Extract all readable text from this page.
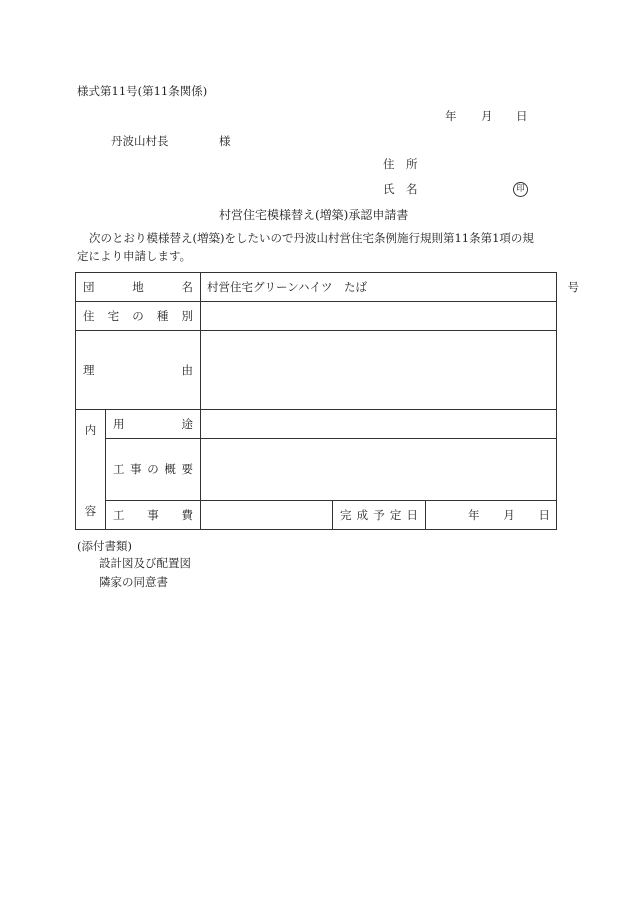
様式第11号(第11条関係)
年 月 日
丹波山村長	様
住　所
氏　名	印
村営住宅模様替え(増築)承認申請書
次のとおり模様替え(増築)をしたいので丹波山村営住宅条例施行規則第11条第1項の規
定により申請します。
団 地 名		村営住宅グリーンハイツ　たば 号		

住 宅 の 種 別				

理 由				

内
容	用 途			

	工 事 の 概 要			

	工 事 費		完 成 予 定 日	年 月 日
(添付書類)
設計図及び配置図
隣家の同意書
